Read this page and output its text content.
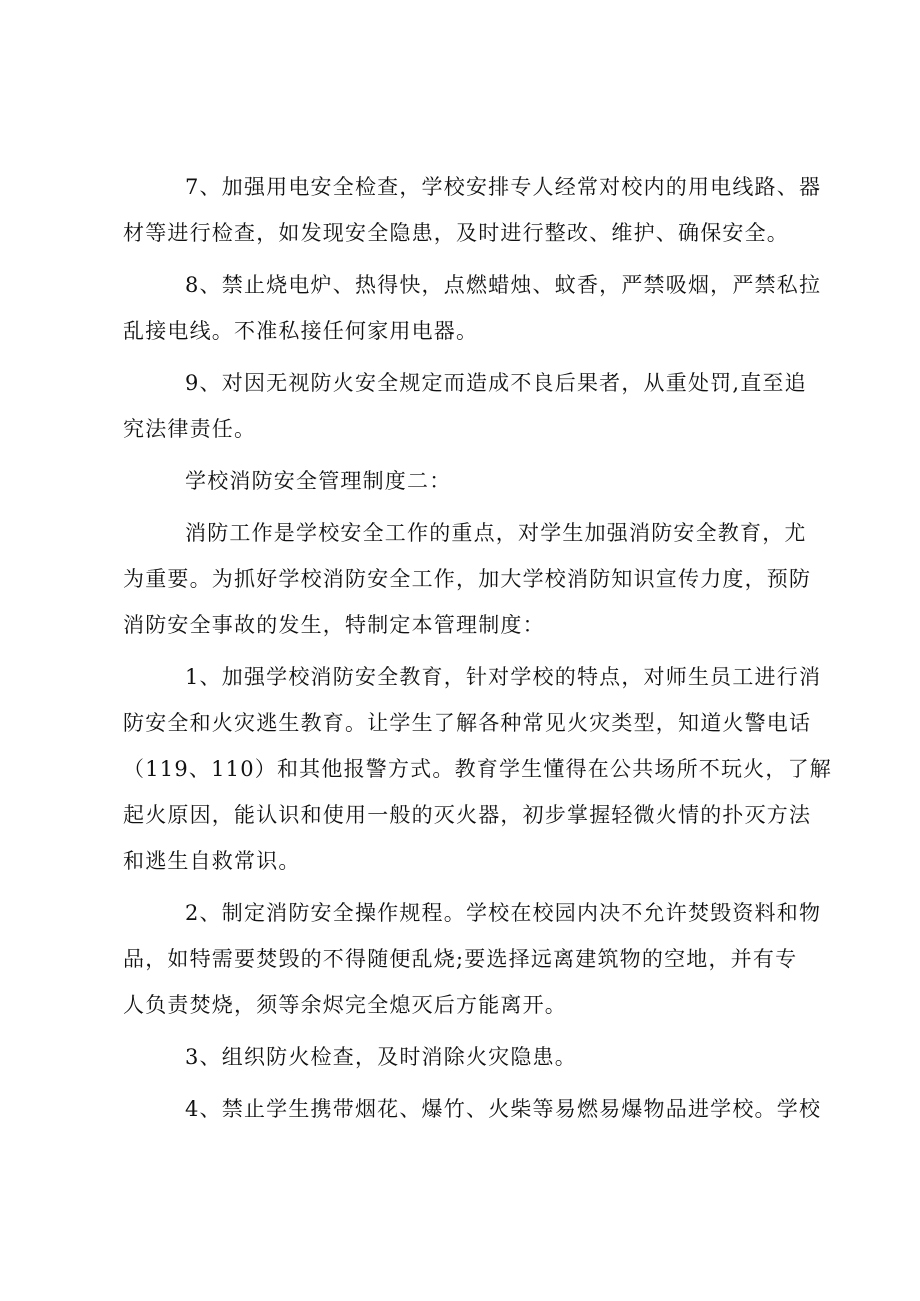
7、加强用电安全检查，学校安排专人经常对校内的用电线路、器
材等进行检查，如发现安全隐患，及时进行整改、维护、确保安全。

8、禁止烧电炉、热得快，点燃蜡烛、蚊香，严禁吸烟，严禁私拉
乱接电线。不准私接任何家用电器。

9、对因无视防火安全规定而造成不良后果者，从重处罚,直至追
究法律责任。

学校消防安全管理制度二：

消防工作是学校安全工作的重点，对学生加强消防安全教育，尤
为重要。为抓好学校消防安全工作，加大学校消防知识宣传力度，预防
消防安全事故的发生，特制定本管理制度：

1、加强学校消防安全教育，针对学校的特点，对师生员工进行消
防安全和火灾逃生教育。让学生了解各种常见火灾类型，知道火警电话
（119、110）和其他报警方式。教育学生懂得在公共场所不玩火，了解
起火原因，能认识和使用一般的灭火器，初步掌握轻微火情的扑灭方法
和逃生自救常识。

2、制定消防安全操作规程。学校在校园内决不允许焚毁资料和物
品，如特需要焚毁的不得随便乱烧;要选择远离建筑物的空地，并有专
人负责焚烧，须等余烬完全熄灭后方能离开。

3、组织防火检查，及时消除火灾隐患。

4、禁止学生携带烟花、爆竹、火柴等易燃易爆物品进学校。学校
